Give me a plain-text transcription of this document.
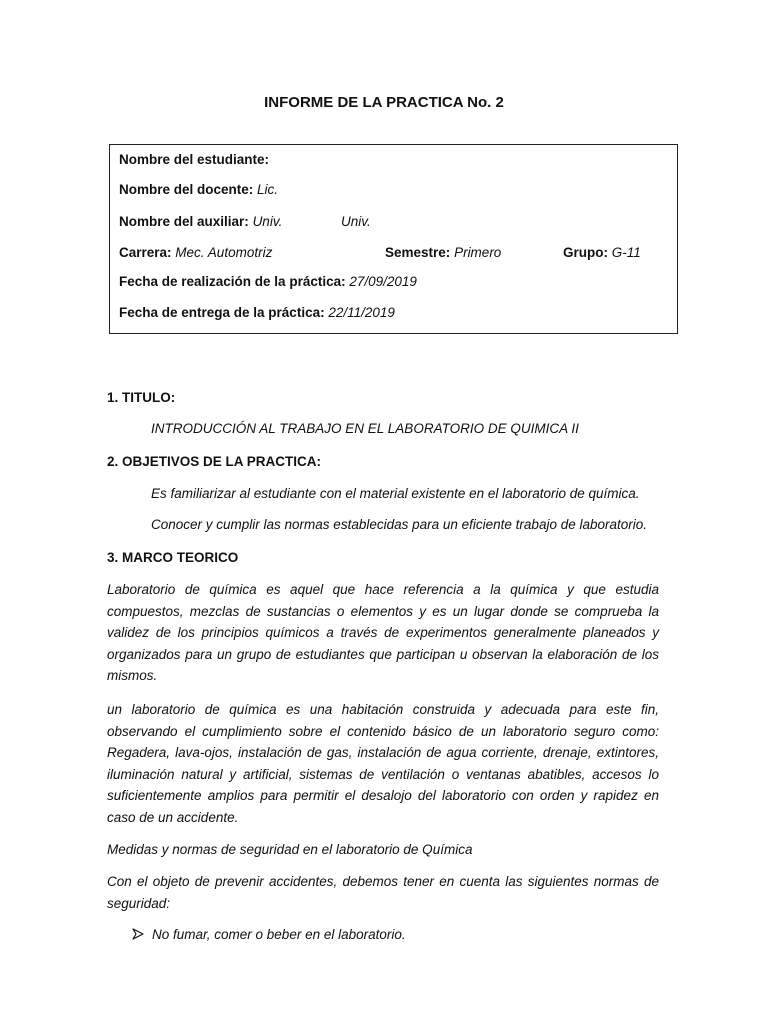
INFORME DE LA PRACTICA No. 2
Nombre del estudiante:
Nombre del docente: Lic.
Nombre del auxiliar: Univ.	Univ.
Carrera: Mec. Automotriz	Semestre: Primero	Grupo: G-11
Fecha de realización de la práctica: 27/09/2019
Fecha de entrega de la práctica: 22/11/2019
1. TITULO:
INTRODUCCIÓN AL TRABAJO EN EL LABORATORIO DE QUIMICA II
2. OBJETIVOS DE LA PRACTICA:
Es familiarizar al estudiante con el material existente en el laboratorio de química.
Conocer y cumplir las normas establecidas para un eficiente trabajo de laboratorio.
3. MARCO TEORICO
Laboratorio de química es aquel que hace referencia a la química y que estudia compuestos, mezclas de sustancias o elementos y es un lugar donde se comprueba la validez de los principios químicos a través de experimentos generalmente planeados y organizados para un grupo de estudiantes que participan u observan la elaboración de los mismos.
un laboratorio de química es una habitación construida y adecuada para este fin, observando el cumplimiento sobre el contenido básico de un laboratorio seguro como: Regadera, lava-ojos, instalación de gas, instalación de agua corriente, drenaje, extintores, iluminación natural y artificial, sistemas de ventilación o ventanas abatibles, accesos lo suficientemente amplios para permitir el desalojo del laboratorio con orden y rapidez en caso de un accidente.
Medidas y normas de seguridad en el laboratorio de Química
Con el objeto de prevenir accidentes, debemos tener en cuenta las siguientes normas de seguridad:
No fumar, comer o beber en el laboratorio.
